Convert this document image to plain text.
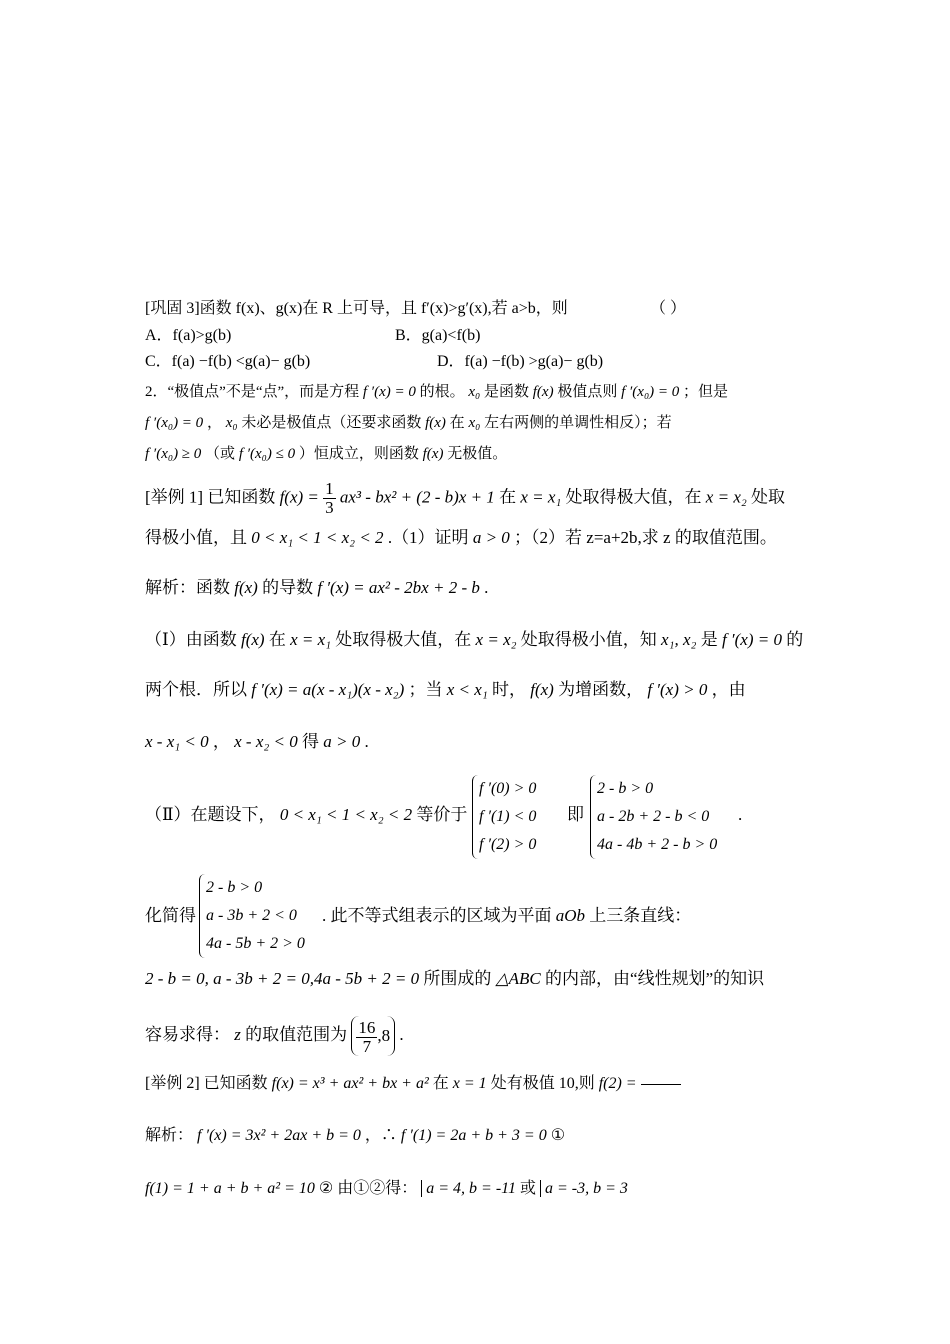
[巩固 3]函数 f(x)、g(x)在 R 上可导，且 f′(x)>g′(x),若 a>b，则	（ ）
A．f(a)>g(b)	B．g(a)<f(b)
C．f(a) −f(b) <g(a)− g(b)	D．f(a) −f(b) >g(a)− g(b)
2．“极值点”不是“点”，而是方程 f ′(x) = 0 的根。 x₀ 是函数 f(x) 极值点则 f ′(x₀) = 0 ；但是
f ′(x₀) = 0 ， x₀ 未必是极值点（还要求函数 f(x) 在 x₀ 左右两侧的单调性相反）；若
f ′(x₀) ≥ 0 （或 f ′(x₀) ≤ 0 ）恒成立，则函数 f(x) 无极值。
[举例 1] 已知函数 $f(x) = \frac{1}{3} ax^3 - bx^2 + (2 - b)x + 1$ 在 x = x₁ 处取得极大值，在 x = x₂ 处取
得极小值，且 0 < x₁ < 1 < x₂ < 2 .（1）证明 a > 0 ；（2）若 z=a+2b,求 z 的取值范围。
解析：函数 f(x) 的导数 f ′(x) = ax² - 2bx + 2 - b .
（Ⅰ）由函数 f(x) 在 x = x₁ 处取得极大值，在 x = x₂ 处取得极小值，知 x₁, x₂ 是 f ′(x) = 0 的
两个根．所以 f ′(x) = a(x - x₁)(x - x₂) ；当 x < x₁ 时， f(x) 为增函数， f ′(x) > 0 ，由
x - x₁ < 0 ， x - x₂ < 0 得 a > 0 .
（Ⅱ）在题设下， 0 < x₁ < 1 < x₂ < 2 等价于
f ′(0) > 0
f ′(1) < 0
f ′(2) > 0
即
2 - b > 0
a - 2b + 2 - b < 0
4a - 4b + 2 - b > 0
.
化简得
2 - b > 0
a - 3b + 2 < 0
4a - 5b + 2 > 0
. 此不等式组表示的区域为平面 aOb 上三条直线：
2 - b = 0, a - 3b + 2 = 0,4a - 5b + 2 = 0 所围成的 △ABC 的内部，由“线性规划”的知识
容易求得： z 的取值范围为 $\frac{16}{7} ,8$ .
[举例 2] 已知函数 f(x) = x³ + ax² + bx + a² 在 x = 1 处有极值 10,则 f(2) =
解析： f ′(x) = 3x² + 2ax + b = 0 ，∴ f ′(1) = 2a + b + 3 = 0 ①
f(1) = 1 + a + b + a² = 10 ② 由①②得： a = 4, b = -11 或 a = -3, b = 3
